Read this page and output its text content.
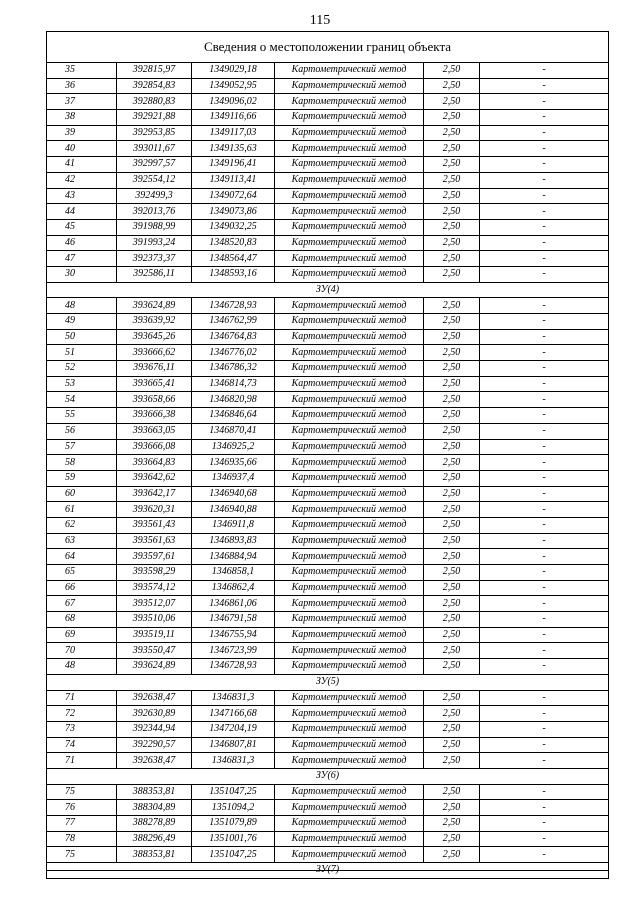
115
Сведения о местоположении границ объекта
35	392815,97	1349029,18	Картометрический метод	2,50	-
36	392854,83	1349052,95	Картометрический метод	2,50	-
37	392880,83	1349096,02	Картометрический метод	2,50	-
38	392921,88	1349116,66	Картометрический метод	2,50	-
39	392953,85	1349117,03	Картометрический метод	2,50	-
40	393011,67	1349135,63	Картометрический метод	2,50	-
41	392997,57	1349196,41	Картометрический метод	2,50	-
42	392554,12	1349113,41	Картометрический метод	2,50	-
43	392499,3	1349072,64	Картометрический метод	2,50	-
44	392013,76	1349073,86	Картометрический метод	2,50	-
45	391988,99	1349032,25	Картометрический метод	2,50	-
46	391993,24	1348520,83	Картометрический метод	2,50	-
47	392373,37	1348564,47	Картометрический метод	2,50	-
30	392586,11	1348593,16	Картометрический метод	2,50	-
ЗУ(4)					
48	393624,89	1346728,93	Картометрический метод	2,50	-
49	393639,92	1346762,99	Картометрический метод	2,50	-
50	393645,26	1346764,83	Картометрический метод	2,50	-
51	393666,62	1346776,02	Картометрический метод	2,50	-
52	393676,11	1346786,32	Картометрический метод	2,50	-
53	393665,41	1346814,73	Картометрический метод	2,50	-
54	393658,66	1346820,98	Картометрический метод	2,50	-
55	393666,38	1346846,64	Картометрический метод	2,50	-
56	393663,05	1346870,41	Картометрический метод	2,50	-
57	393666,08	1346925,2	Картометрический метод	2,50	-
58	393664,83	1346935,66	Картометрический метод	2,50	-
59	393642,62	1346937,4	Картометрический метод	2,50	-
60	393642,17	1346940,68	Картометрический метод	2,50	-
61	393620,31	1346940,88	Картометрический метод	2,50	-
62	393561,43	1346911,8	Картометрический метод	2,50	-
63	393561,63	1346893,83	Картометрический метод	2,50	-
64	393597,61	1346884,94	Картометрический метод	2,50	-
65	393598,29	1346858,1	Картометрический метод	2,50	-
66	393574,12	1346862,4	Картометрический метод	2,50	-
67	393512,07	1346861,06	Картометрический метод	2,50	-
68	393510,06	1346791,58	Картометрический метод	2,50	-
69	393519,11	1346755,94	Картометрический метод	2,50	-
70	393550,47	1346723,99	Картометрический метод	2,50	-
48	393624,89	1346728,93	Картометрический метод	2,50	-
ЗУ(5)					
71	392638,47	1346831,3	Картометрический метод	2,50	-
72	392630,89	1347166,68	Картометрический метод	2,50	-
73	392344,94	1347204,19	Картометрический метод	2,50	-
74	392290,57	1346807,81	Картометрический метод	2,50	-
71	392638,47	1346831,3	Картометрический метод	2,50	-
ЗУ(6)					
75	388353,81	1351047,25	Картометрический метод	2,50	-
76	388304,89	1351094,2	Картометрический метод	2,50	-
77	388278,89	1351079,89	Картометрический метод	2,50	-
78	388296,49	1351001,76	Картометрический метод	2,50	-
75	388353,81	1351047,25	Картометрический метод	2,50	-
ЗУ(7)					
